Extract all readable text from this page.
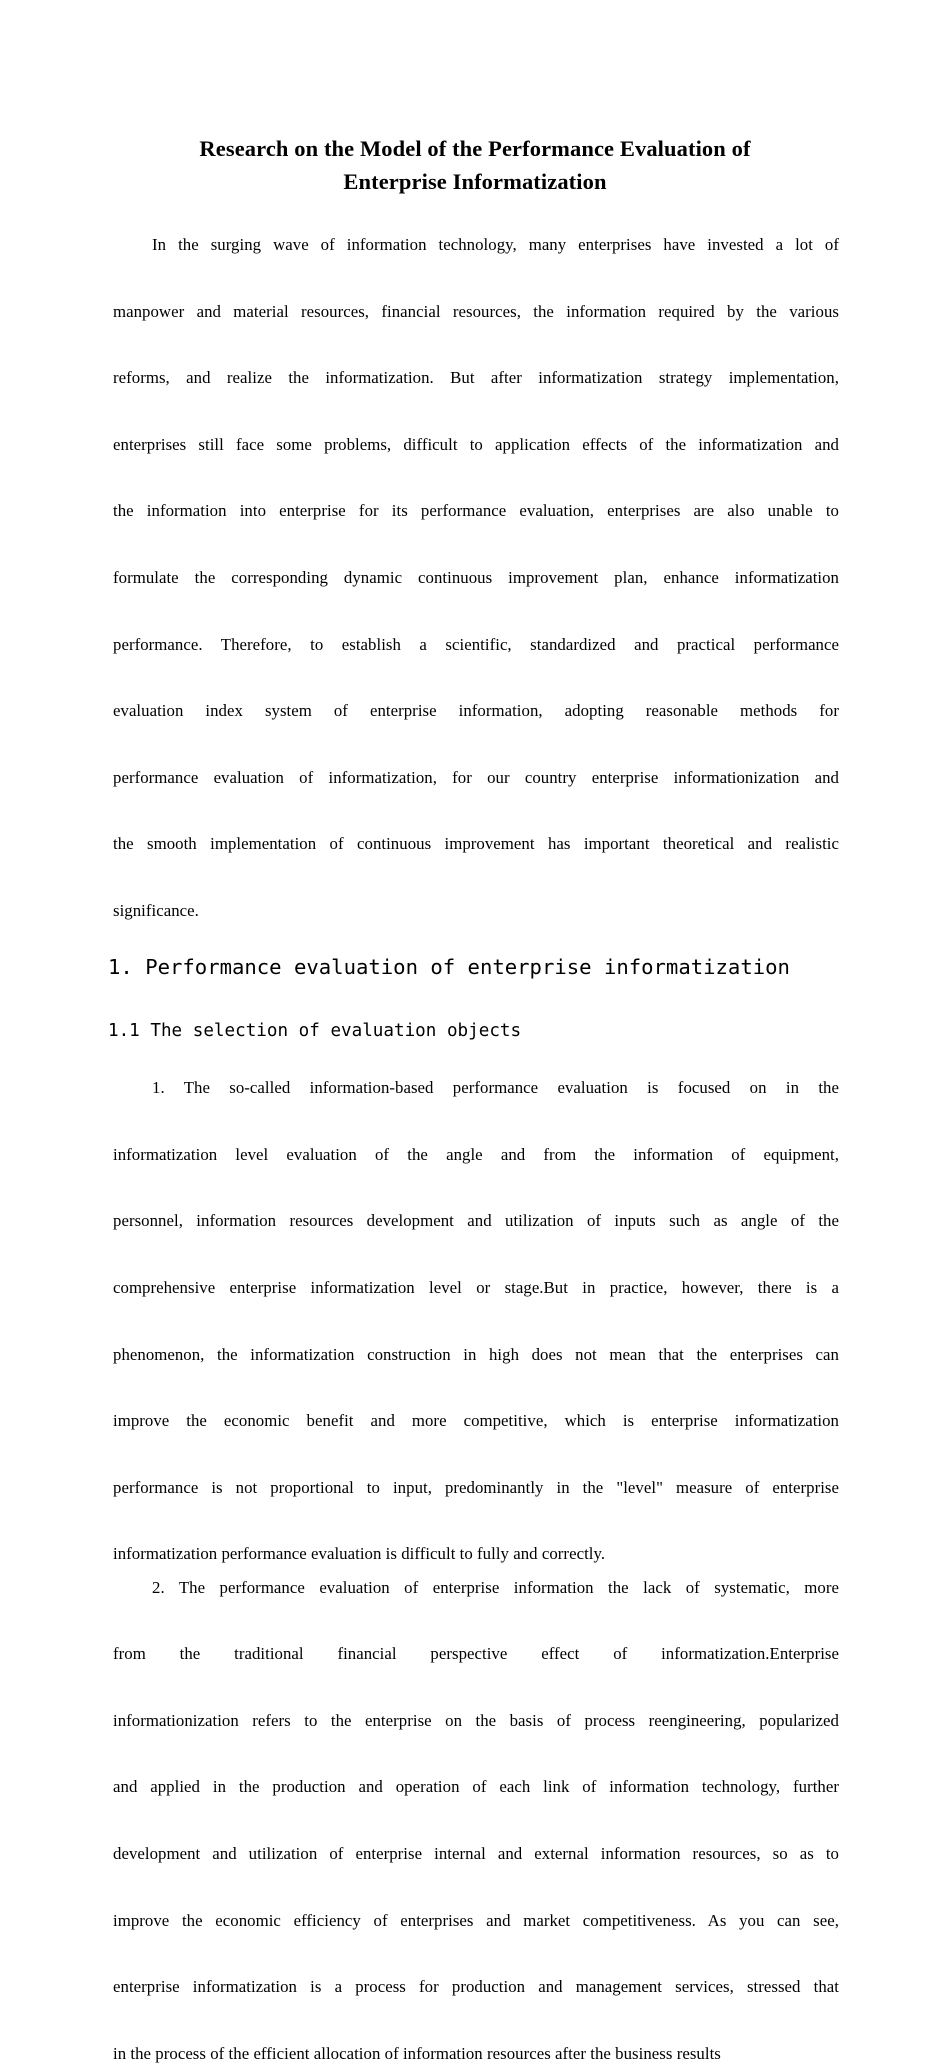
Research on the Model of the Performance Evaluation of
Enterprise Informatization

In the surging wave of information technology, many enterprises have invested a lot of
manpower and material resources, financial resources, the information required by the various
reforms, and realize the informatization. But after informatization strategy implementation,
enterprises still face some problems, difficult to application effects of the informatization and
the information into enterprise for its performance evaluation, enterprises are also unable to
formulate the corresponding dynamic continuous improvement plan, enhance informatization
performance. Therefore, to establish a scientific, standardized and practical performance
evaluation index system of enterprise information, adopting reasonable methods for
performance evaluation of informatization, for our country enterprise informationization and
the smooth implementation of continuous improvement has important theoretical and realistic
significance.

1. Performance evaluation of enterprise informatization
1.1 The selection of evaluation objects

1. The so-called information-based performance evaluation is focused on in the
informatization level evaluation of the angle and from the information of equipment,
personnel, information resources development and utilization of inputs such as angle of the
comprehensive enterprise informatization level or stage.But in practice, however, there is a
phenomenon, the informatization construction in high does not mean that the enterprises can
improve the economic benefit and more competitive, which is enterprise informatization
performance is not proportional to input, predominantly in the "level" measure of enterprise
informatization performance evaluation is difficult to fully and correctly.

2. The performance evaluation of enterprise information the lack of systematic, more
from the traditional financial perspective effect of informatization.Enterprise
informationization refers to the enterprise on the basis of process reengineering, popularized
and applied in the production and operation of each link of information technology, further
development and utilization of enterprise internal and external information resources, so as to
improve the economic efficiency of enterprises and market competitiveness. As you can see,
enterprise informatization is a process for production and management services, stressed that
in the process of the efficient allocation of information resources after the business results
